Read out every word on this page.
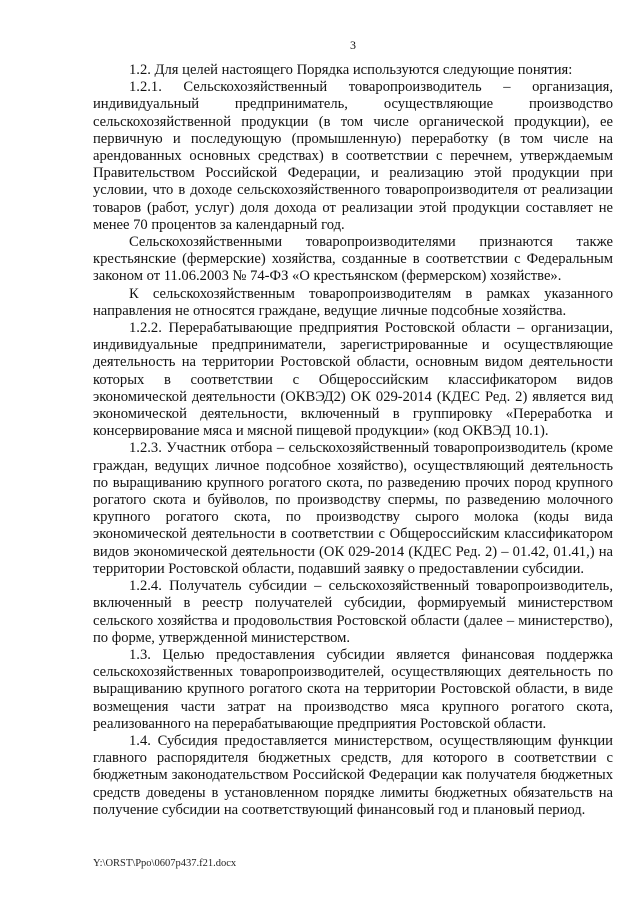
3

1.2. Для целей настоящего Порядка используются следующие понятия:

1.2.1. Сельскохозяйственный товаропроизводитель – организация, индивидуальный предприниматель, осуществляющие производство сельскохозяйственной продукции (в том числе органической продукции), ее первичную и последующую (промышленную) переработку (в том числе на арендованных основных средствах) в соответствии с перечнем, утверждаемым Правительством Российской Федерации, и реализацию этой продукции при условии, что в доходе сельскохозяйственного товаропроизводителя от реализации товаров (работ, услуг) доля дохода от реализации этой продукции составляет не менее 70 процентов за календарный год.

Сельскохозяйственными товаропроизводителями признаются также крестьянские (фермерские) хозяйства, созданные в соответствии с Федеральным законом от 11.06.2003 № 74-ФЗ «О крестьянском (фермерском) хозяйстве».

К сельскохозяйственным товаропроизводителям в рамках указанного направления не относятся граждане, ведущие личные подсобные хозяйства.

1.2.2. Перерабатывающие предприятия Ростовской области – организации, индивидуальные предприниматели, зарегистрированные и осуществляющие деятельность на территории Ростовской области, основным видом деятельности которых в соответствии с Общероссийским классификатором видов экономической деятельности (ОКВЭД2) ОК 029-2014 (КДЕС Ред. 2) является вид экономической деятельности, включенный в группировку «Переработка и консервирование мяса и мясной пищевой продукции» (код ОКВЭД 10.1).

1.2.3. Участник отбора – сельскохозяйственный товаропроизводитель (кроме граждан, ведущих личное подсобное хозяйство), осуществляющий деятельность по выращиванию крупного рогатого скота, по разведению прочих пород крупного рогатого скота и буйволов, по производству спермы, по разведению молочного крупного рогатого скота, по производству сырого молока (коды вида экономической деятельности в соответствии с Общероссийским классификатором видов экономической деятельности (ОК 029-2014 (КДЕС Ред. 2) – 01.42, 01.41,) на территории Ростовской области, подавший заявку о предоставлении субсидии.

1.2.4. Получатель субсидии – сельскохозяйственный товаропроизводитель, включенный в реестр получателей субсидии, формируемый министерством сельского хозяйства и продовольствия Ростовской области (далее – министерство), по форме, утвержденной министерством.

1.3. Целью предоставления субсидии является финансовая поддержка сельскохозяйственных товаропроизводителей, осуществляющих деятельность по выращиванию крупного рогатого скота на территории Ростовской области, в виде возмещения части затрат на производство мяса крупного рогатого скота, реализованного на перерабатывающие предприятия Ростовской области.

1.4. Субсидия предоставляется министерством, осуществляющим функции главного распорядителя бюджетных средств, для которого в соответствии с бюджетным законодательством Российской Федерации как получателя бюджетных средств доведены в установленном порядке лимиты бюджетных обязательств на получение субсидии на соответствующий финансовый год и плановый период.

Y:\ORST\Ppo\0607p437.f21.docx
